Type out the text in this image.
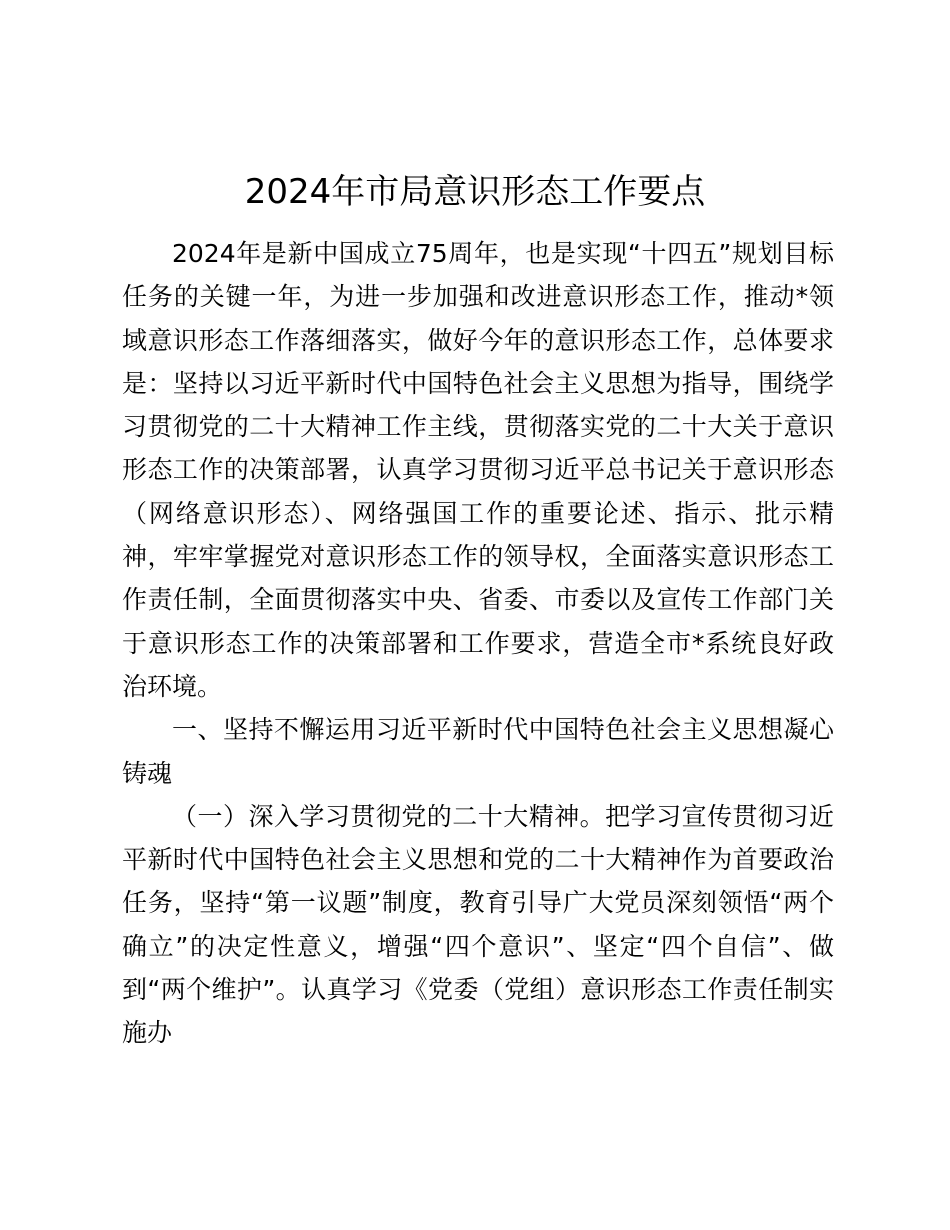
2024年市局意识形态工作要点

2024年是新中国成立75周年，也是实现“十四五”规划目标任务的关键一年，为进一步加强和改进意识形态工作，推动*领域意识形态工作落细落实，做好今年的意识形态工作，总体要求是：坚持以习近平新时代中国特色社会主义思想为指导，围绕学习贯彻党的二十大精神工作主线，贯彻落实党的二十大关于意识形态工作的决策部署，认真学习贯彻习近平总书记关于意识形态（网络意识形态）、网络强国工作的重要论述、指示、批示精神，牢牢掌握党对意识形态工作的领导权，全面落实意识形态工作责任制，全面贯彻落实中央、省委、市委以及宣传工作部门关于意识形态工作的决策部署和工作要求，营造全市*系统良好政治环境。

一、坚持不懈运用习近平新时代中国特色社会主义思想凝心铸魂

（一）深入学习贯彻党的二十大精神。把学习宣传贯彻习近平新时代中国特色社会主义思想和党的二十大精神作为首要政治任务，坚持“第一议题”制度，教育引导广大党员深刻领悟“两个确立”的决定性意义，增强“四个意识”、坚定“四个自信”、做到“两个维护”。认真学习《党委（党组）意识形态工作责任制实施办
